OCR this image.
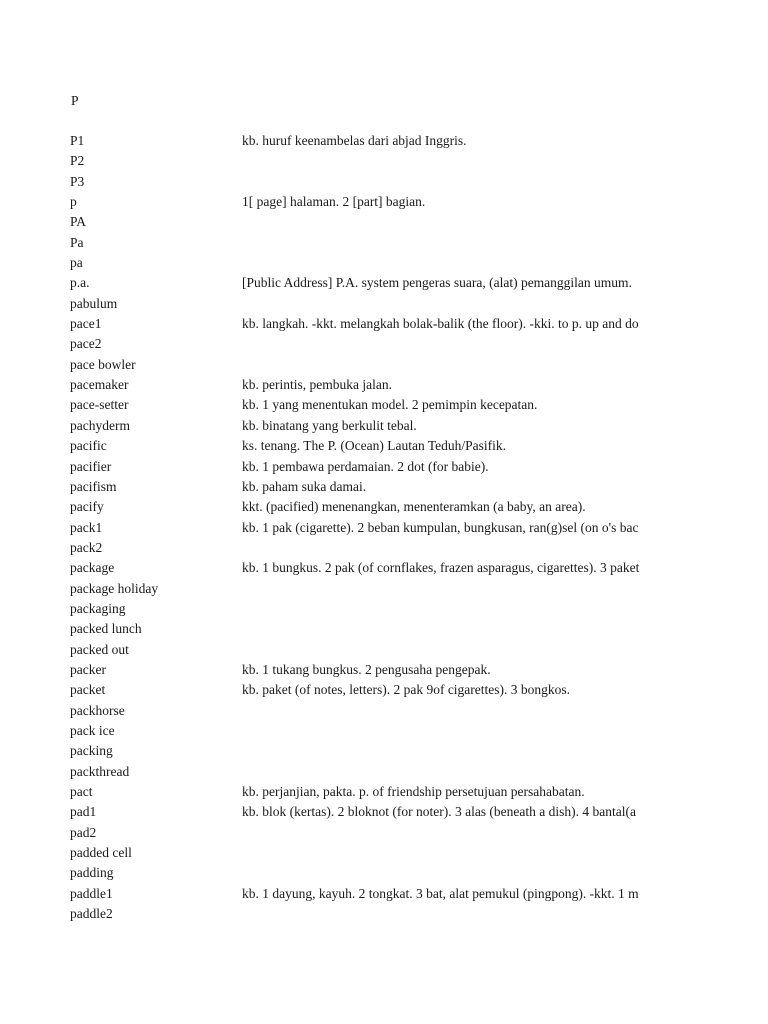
P
P1	kb. huruf keenambelas dari abjad Inggris.
P2
P3
p	1[ page] halaman. 2 [part] bagian.
PA
Pa
pa
p.a.	[Public Address] P.A. system pengeras suara, (alat) pemanggilan umum.
pabulum
pace1	kb. langkah. -kkt. melangkah bolak-balik (the floor). -kki. to p. up and do
pace2
pace bowler
pacemaker	kb. perintis, pembuka jalan.
pace-setter	kb. 1 yang menentukan model. 2 pemimpin kecepatan.
pachyderm	kb. binatang yang berkulit tebal.
pacific	ks. tenang. The P. (Ocean) Lautan Teduh/Pasifik.
pacifier	kb. 1 pembawa perdamaian. 2 dot (for babie).
pacifism	kb. paham suka damai.
pacify	kkt. (pacified) menenangkan, menenteramkan (a baby, an area).
pack1	kb. 1 pak (cigarette). 2 beban kumpulan, bungkusan, ran(g)sel (on o's bac
pack2
package	kb. 1 bungkus. 2 pak (of cornflakes, frazen asparagus, cigarettes). 3 paket
package holiday
packaging
packed lunch
packed out
packer	kb. 1 tukang bungkus. 2 pengusaha pengepak.
packet	kb. paket (of notes, letters). 2 pak 9of cigarettes). 3 bongkos.
packhorse
pack ice
packing
packthread
pact	kb. perjanjian, pakta. p. of friendship persetujuan persahabatan.
pad1	kb. blok (kertas). 2 bloknot (for noter). 3 alas (beneath a dish). 4 bantal(a
pad2
padded cell
padding
paddle1	kb. 1 dayung, kayuh. 2 tongkat. 3 bat, alat pemukul (pingpong). -kkt. 1 m
paddle2
